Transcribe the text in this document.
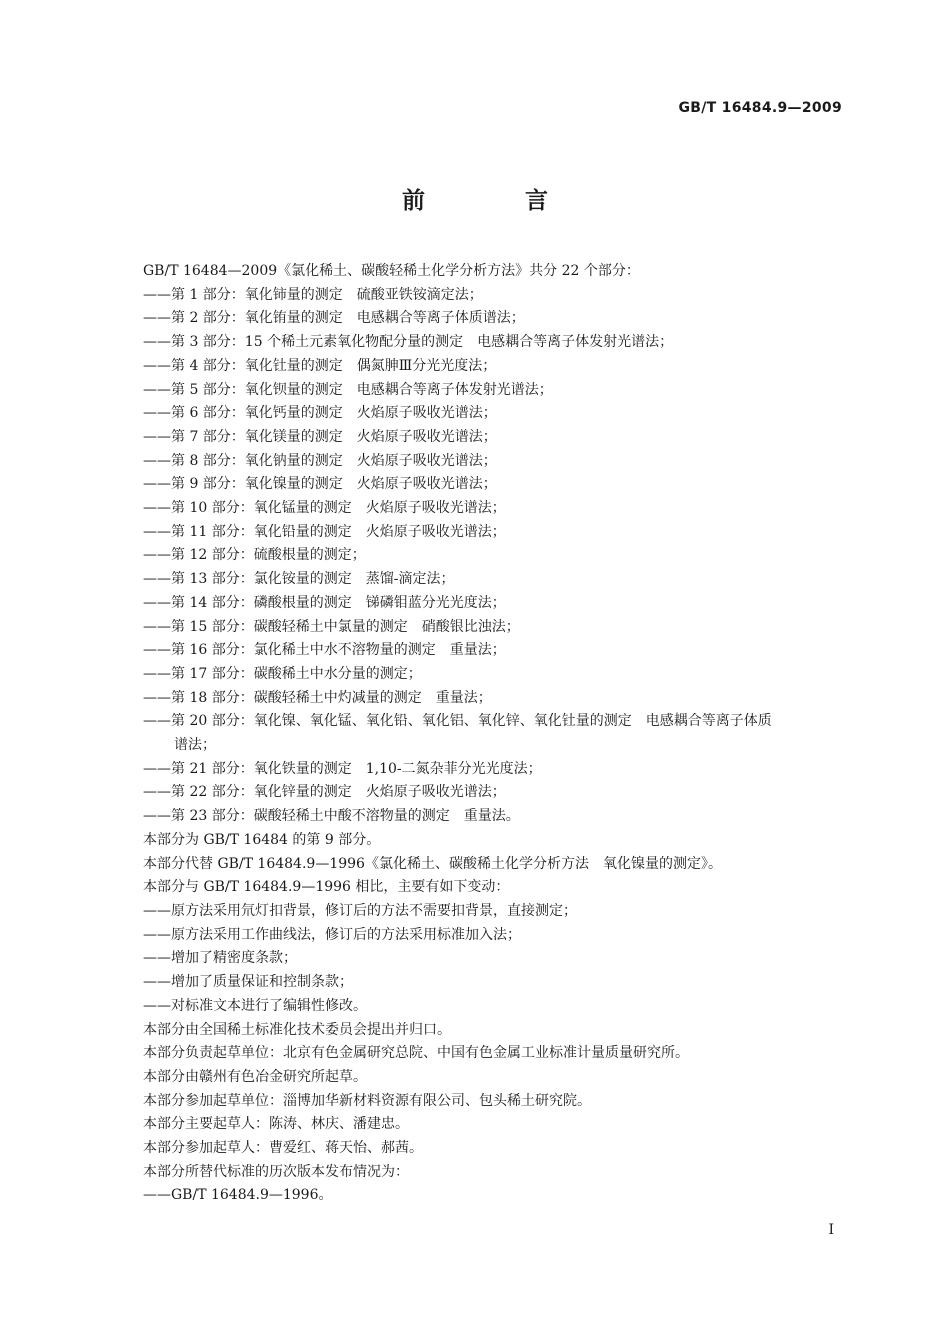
GB/T 16484.9—2009
前 言
GB/T 16484—2009《氯化稀土、碳酸轻稀土化学分析方法》共分 22 个部分：
——第 1 部分：氧化铈量的测定　硫酸亚铁铵滴定法；
——第 2 部分：氧化铕量的测定　电感耦合等离子体质谱法；
——第 3 部分：15 个稀土元素氧化物配分量的测定　电感耦合等离子体发射光谱法；
——第 4 部分：氧化钍量的测定　偶氮胂Ⅲ分光光度法；
——第 5 部分：氧化钡量的测定　电感耦合等离子体发射光谱法；
——第 6 部分：氧化钙量的测定　火焰原子吸收光谱法；
——第 7 部分：氧化镁量的测定　火焰原子吸收光谱法；
——第 8 部分：氧化钠量的测定　火焰原子吸收光谱法；
——第 9 部分：氧化镍量的测定　火焰原子吸收光谱法；
——第 10 部分：氧化锰量的测定　火焰原子吸收光谱法；
——第 11 部分：氧化铅量的测定　火焰原子吸收光谱法；
——第 12 部分：硫酸根量的测定；
——第 13 部分：氯化铵量的测定　蒸馏-滴定法；
——第 14 部分：磷酸根量的测定　锑磷钼蓝分光光度法；
——第 15 部分：碳酸轻稀土中氯量的测定　硝酸银比浊法；
——第 16 部分：氯化稀土中水不溶物量的测定　重量法；
——第 17 部分：碳酸稀土中水分量的测定；
——第 18 部分：碳酸轻稀土中灼减量的测定　重量法；
——第 20 部分：氧化镍、氧化锰、氧化铅、氧化铝、氧化锌、氧化钍量的测定　电感耦合等离子体质
谱法；
——第 21 部分：氧化铁量的测定　1,10-二氮杂菲分光光度法；
——第 22 部分：氧化锌量的测定　火焰原子吸收光谱法；
——第 23 部分：碳酸轻稀土中酸不溶物量的测定　重量法。
本部分为 GB/T 16484 的第 9 部分。
本部分代替 GB/T 16484.9—1996《氯化稀土、碳酸稀土化学分析方法　氧化镍量的测定》。
本部分与 GB/T 16484.9—1996 相比，主要有如下变动：
——原方法采用氘灯扣背景，修订后的方法不需要扣背景，直接测定；
——原方法采用工作曲线法，修订后的方法采用标准加入法；
——增加了精密度条款；
——增加了质量保证和控制条款；
——对标准文本进行了编辑性修改。
本部分由全国稀土标准化技术委员会提出并归口。
本部分负责起草单位：北京有色金属研究总院、中国有色金属工业标准计量质量研究所。
本部分由赣州有色冶金研究所起草。
本部分参加起草单位：淄博加华新材料资源有限公司、包头稀土研究院。
本部分主要起草人：陈涛、林庆、潘建忠。
本部分参加起草人：曹爱红、蒋天怡、郝茜。
本部分所替代标准的历次版本发布情况为：
——GB/T 16484.9—1996。
I
